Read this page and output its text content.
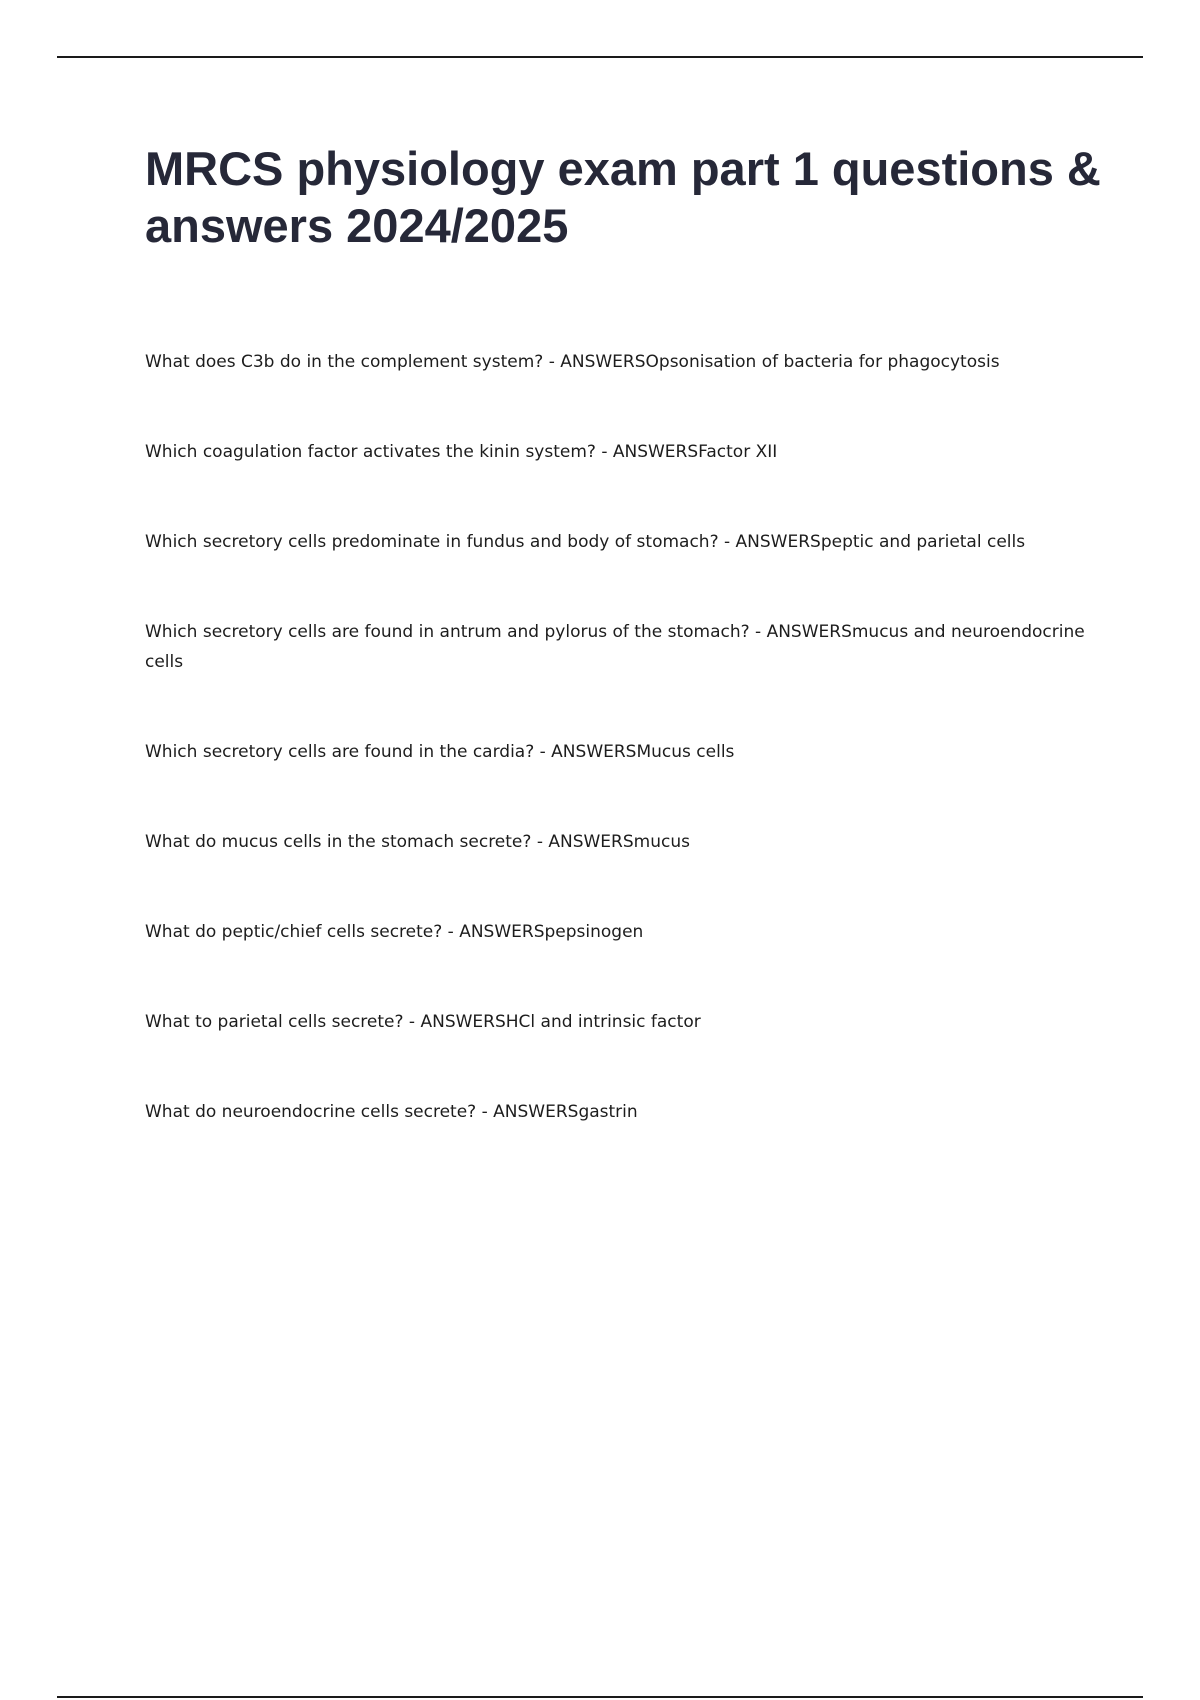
MRCS physiology exam part 1 questions & answers 2024/2025
What does C3b do in the complement system? - ANSWERSOpsonisation of bacteria for phagocytosis
Which coagulation factor activates the kinin system? - ANSWERSFactor XII
Which secretory cells predominate in fundus and body of stomach? - ANSWERSpeptic and parietal cells
Which secretory cells are found in antrum and pylorus of the stomach? - ANSWERSmucus and neuroendocrine cells
Which secretory cells are found in the cardia? - ANSWERSMucus cells
What do mucus cells in the stomach secrete? - ANSWERSmucus
What do peptic/chief cells secrete? - ANSWERSpepsinogen
What to parietal cells secrete? - ANSWERSHCl and intrinsic factor
What do neuroendocrine cells secrete? - ANSWERSgastrin
